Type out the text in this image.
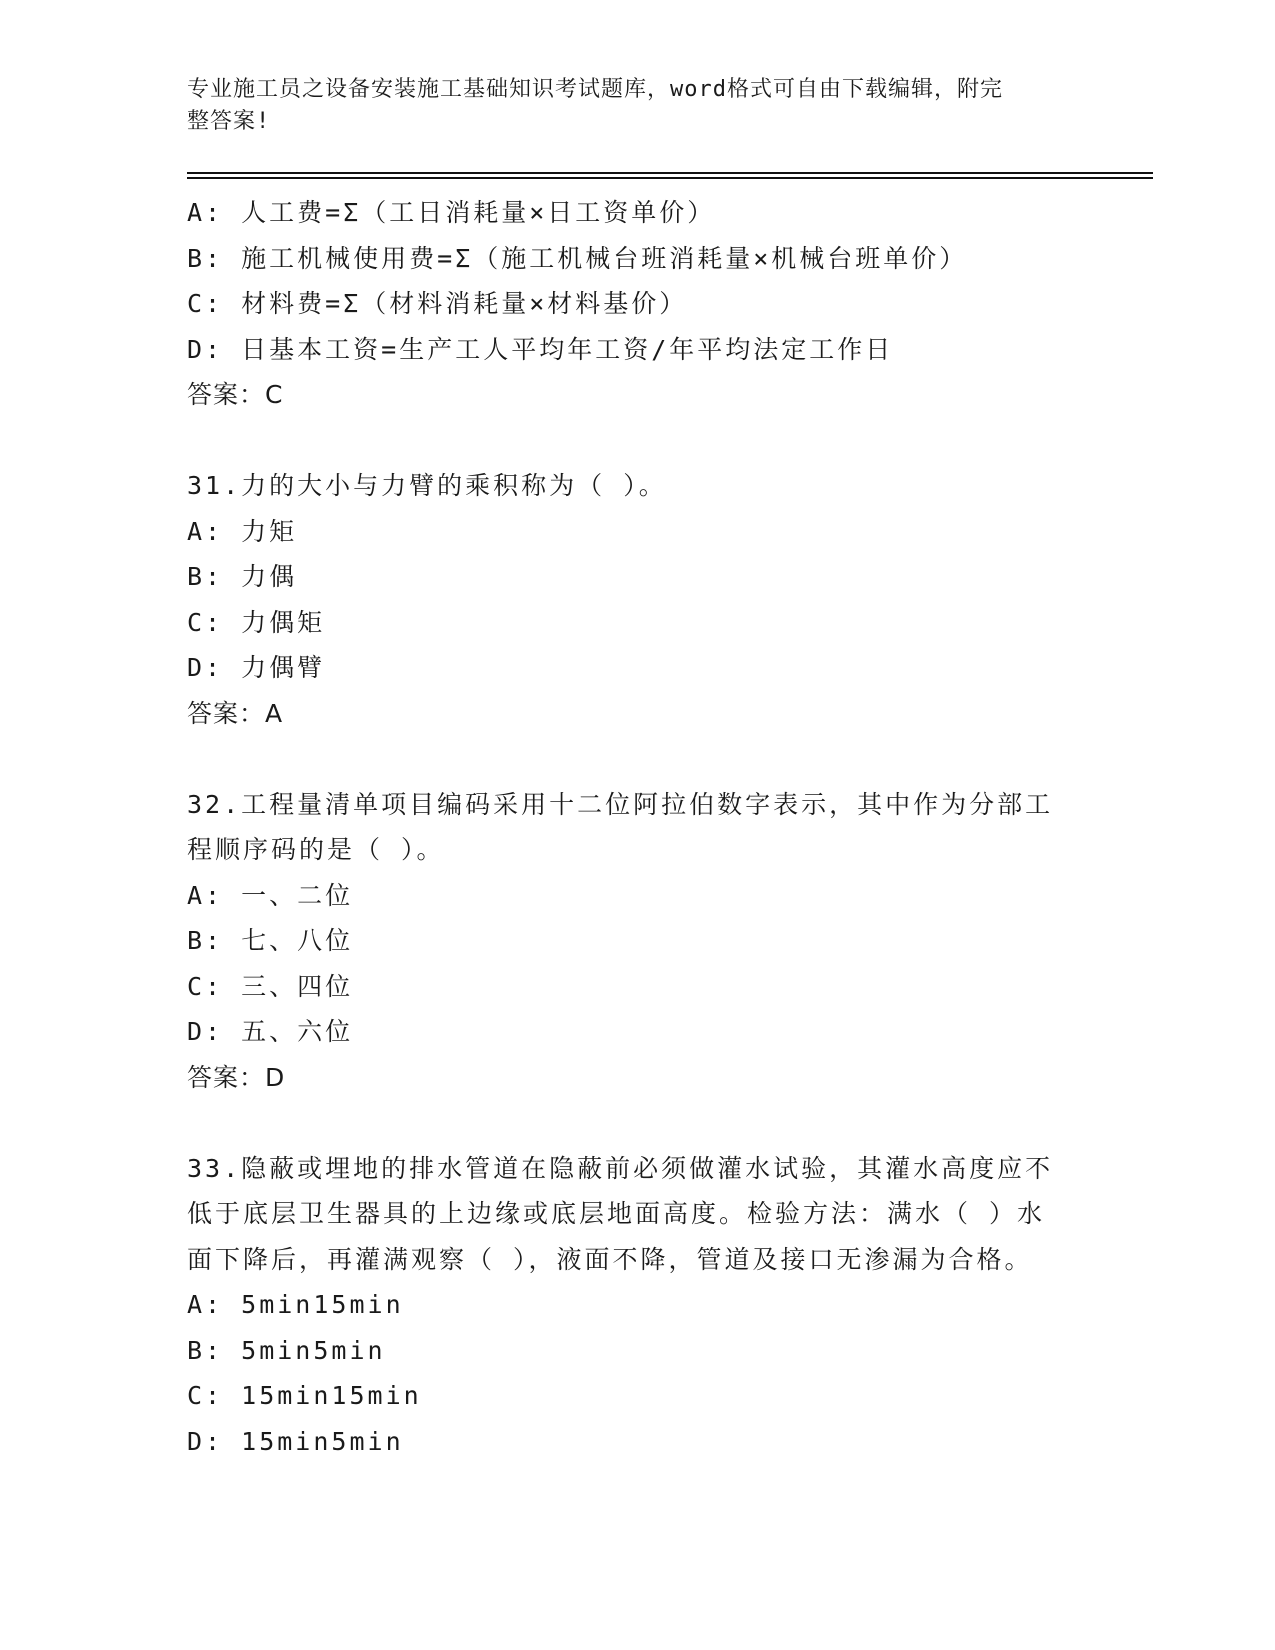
专业施工员之设备安装施工基础知识考试题库，word格式可自由下载编辑，附完
整答案!
A: 人工费=Σ（工日消耗量×日工资单价）
B: 施工机械使用费=Σ（施工机械台班消耗量×机械台班单价）
C: 材料费=Σ（材料消耗量×材料基价）
D: 日基本工资=生产工人平均年工资/年平均法定工作日
答案：C
31.力的大小与力臂的乘积称为（ ）。
A: 力矩
B: 力偶
C: 力偶矩
D: 力偶臂
答案：A
32.工程量清单项目编码采用十二位阿拉伯数字表示，其中作为分部工
程顺序码的是（ ）。
A: 一、二位
B: 七、八位
C: 三、四位
D: 五、六位
答案：D
33.隐蔽或埋地的排水管道在隐蔽前必须做灌水试验，其灌水高度应不
低于底层卫生器具的上边缘或底层地面高度。检验方法：满水（ ）水
面下降后，再灌满观察（ ），液面不降，管道及接口无渗漏为合格。
A: 5min15min
B: 5min5min
C: 15min15min
D: 15min5min
